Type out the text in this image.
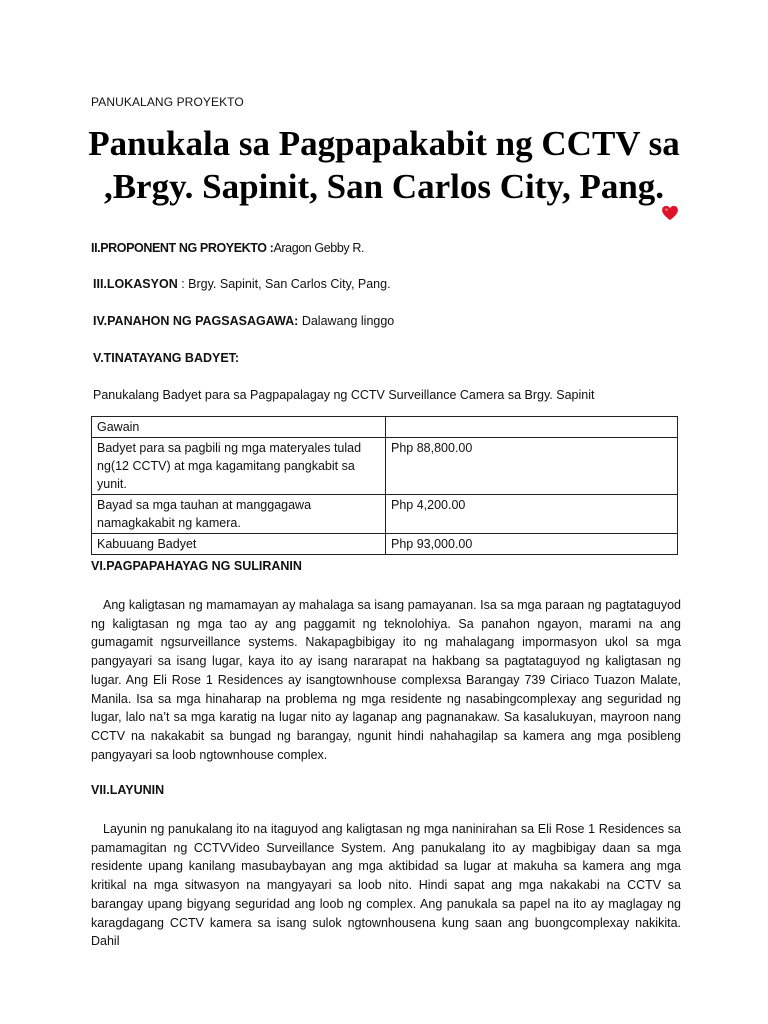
PANUKALANG PROYEKTO
Panukala sa Pagpapakabit ng CCTV sa
,Brgy. Sapinit, San Carlos City, Pang.
II.PROPONENT NG PROYEKTO :Aragon Gebby R.
III.LOKASYON : Brgy. Sapinit, San Carlos City, Pang.
IV.PANAHON NG PAGSASAGAWA: Dalawang linggo
V.TINATAYANG BADYET:
Panukalang Badyet para sa Pagpapalagay ng CCTV Surveillance Camera sa Brgy. Sapinit
Gawain	
Badyet para sa pagbili ng mga materyales tulad ng(12 CCTV) at mga kagamitang pangkabit sa yunit.	Php 88,800.00
Bayad sa mga tauhan at manggagawa namagkakabit ng kamera.	Php 4,200.00
Kabuuang Badyet	Php 93,000.00
VI.PAGPAPAHAYAG NG SULIRANIN
Ang kaligtasan ng mamamayan ay mahalaga sa isang pamayanan. Isa sa mga paraan ng pagtataguyod ng kaligtasan ng mga tao ay ang paggamit ng teknolohiya. Sa panahon ngayon, marami na ang gumagamit ngsurveillance systems. Nakapagbibigay ito ng mahalagang impormasyon ukol sa mga pangyayari sa isang lugar, kaya ito ay isang nararapat na hakbang sa pagtataguyod ng kaligtasan ng lugar. Ang Eli Rose 1 Residences ay isangtownhouse complexsa Barangay 739 Ciriaco Tuazon Malate, Manila. Isa sa mga hinaharap na problema ng mga residente ng nasabingcomplexay ang seguridad ng lugar, lalo na’t sa mga karatig na lugar nito ay laganap ang pagnanakaw. Sa kasalukuyan, mayroon nang CCTV na nakakabit sa bungad ng barangay, ngunit hindi nahahagilap sa kamera ang mga posibleng pangyayari sa loob ngtownhouse complex.
VII.LAYUNIN
Layunin ng panukalang ito na itaguyod ang kaligtasan ng mga naninirahan sa Eli Rose 1 Residences sa pamamagitan ng CCTVVideo Surveillance System. Ang panukalang ito ay magbibigay daan sa mga residente upang kanilang masubaybayan ang mga aktibidad sa lugar at makuha sa kamera ang mga kritikal na mga sitwasyon na mangyayari sa loob nito. Hindi sapat ang mga nakakabi na CCTV sa barangay upang bigyang seguridad ang loob ng complex. Ang panukala sa papel na ito ay maglagay ng karagdagang CCTV kamera sa isang sulok ngtownhousena kung saan ang buongcomplexay nakikita. Dahil
